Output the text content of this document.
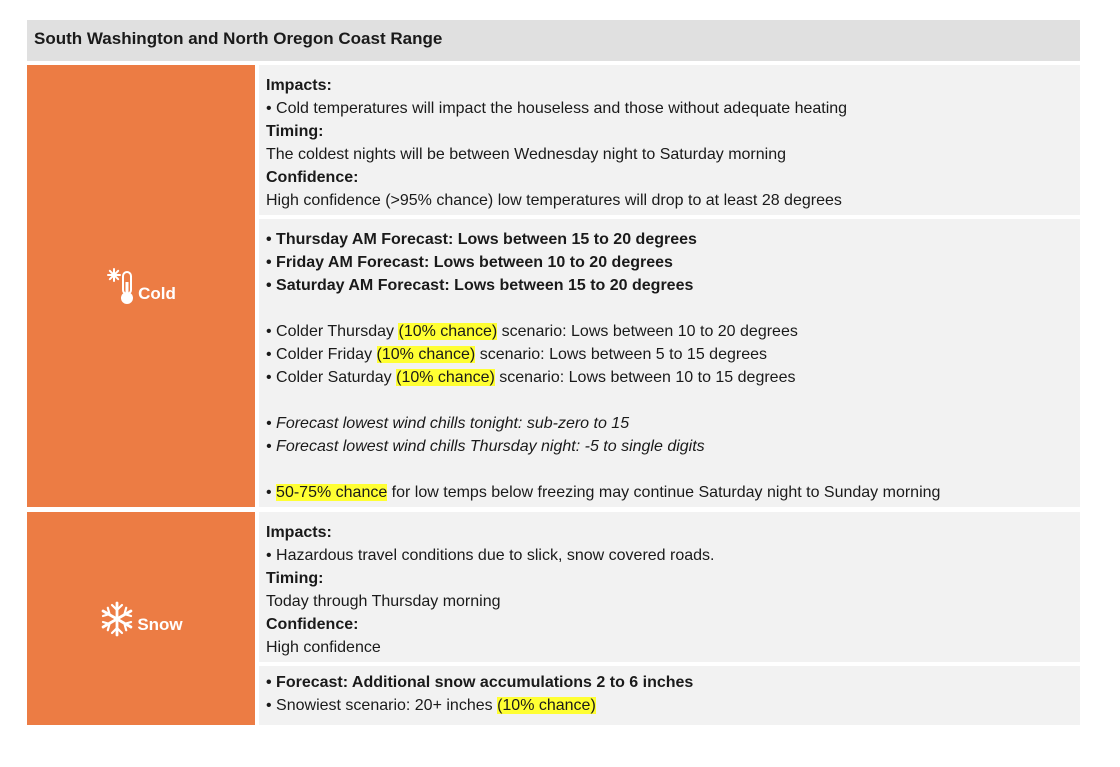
South Washington and North Oregon Coast Range
Cold

Impacts:

• Cold temperatures will impact the houseless and those without adequate heating

Timing:

The coldest nights will be between Wednesday night to Saturday morning

Confidence:

High confidence (>95% chance) low temperatures will drop to at least 28 degrees

• Thursday AM Forecast: Lows between 15 to 20 degrees

• Friday AM Forecast: Lows between 10 to 20 degrees

• Saturday AM Forecast: Lows between 15 to 20 degrees

• Colder Thursday (10% chance) scenario: Lows between 10 to 20 degrees

• Colder Friday (10% chance) scenario: Lows between 5 to 15 degrees

• Colder Saturday (10% chance) scenario: Lows between 10 to 15 degrees

• Forecast lowest wind chills tonight: sub-zero to 15

• Forecast lowest wind chills Thursday night: -5 to single digits

• 50-75% chance for low temps below freezing may continue Saturday night to Sunday morning

Snow

Impacts:

• Hazardous travel conditions due to slick, snow covered roads.

Timing:

Today through Thursday morning

Confidence:

High confidence

• Forecast: Additional snow accumulations 2 to 6 inches

• Snowiest scenario: 20+ inches (10% chance)
